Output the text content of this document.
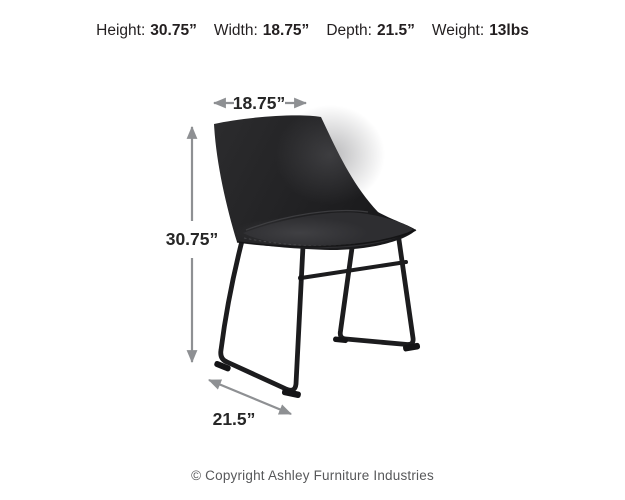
Height: 30.75” Width: 18.75” Depth: 21.5” Weight: 13lbs
18.75”
30.75”
21.5”
© Copyright Ashley Furniture Industries
